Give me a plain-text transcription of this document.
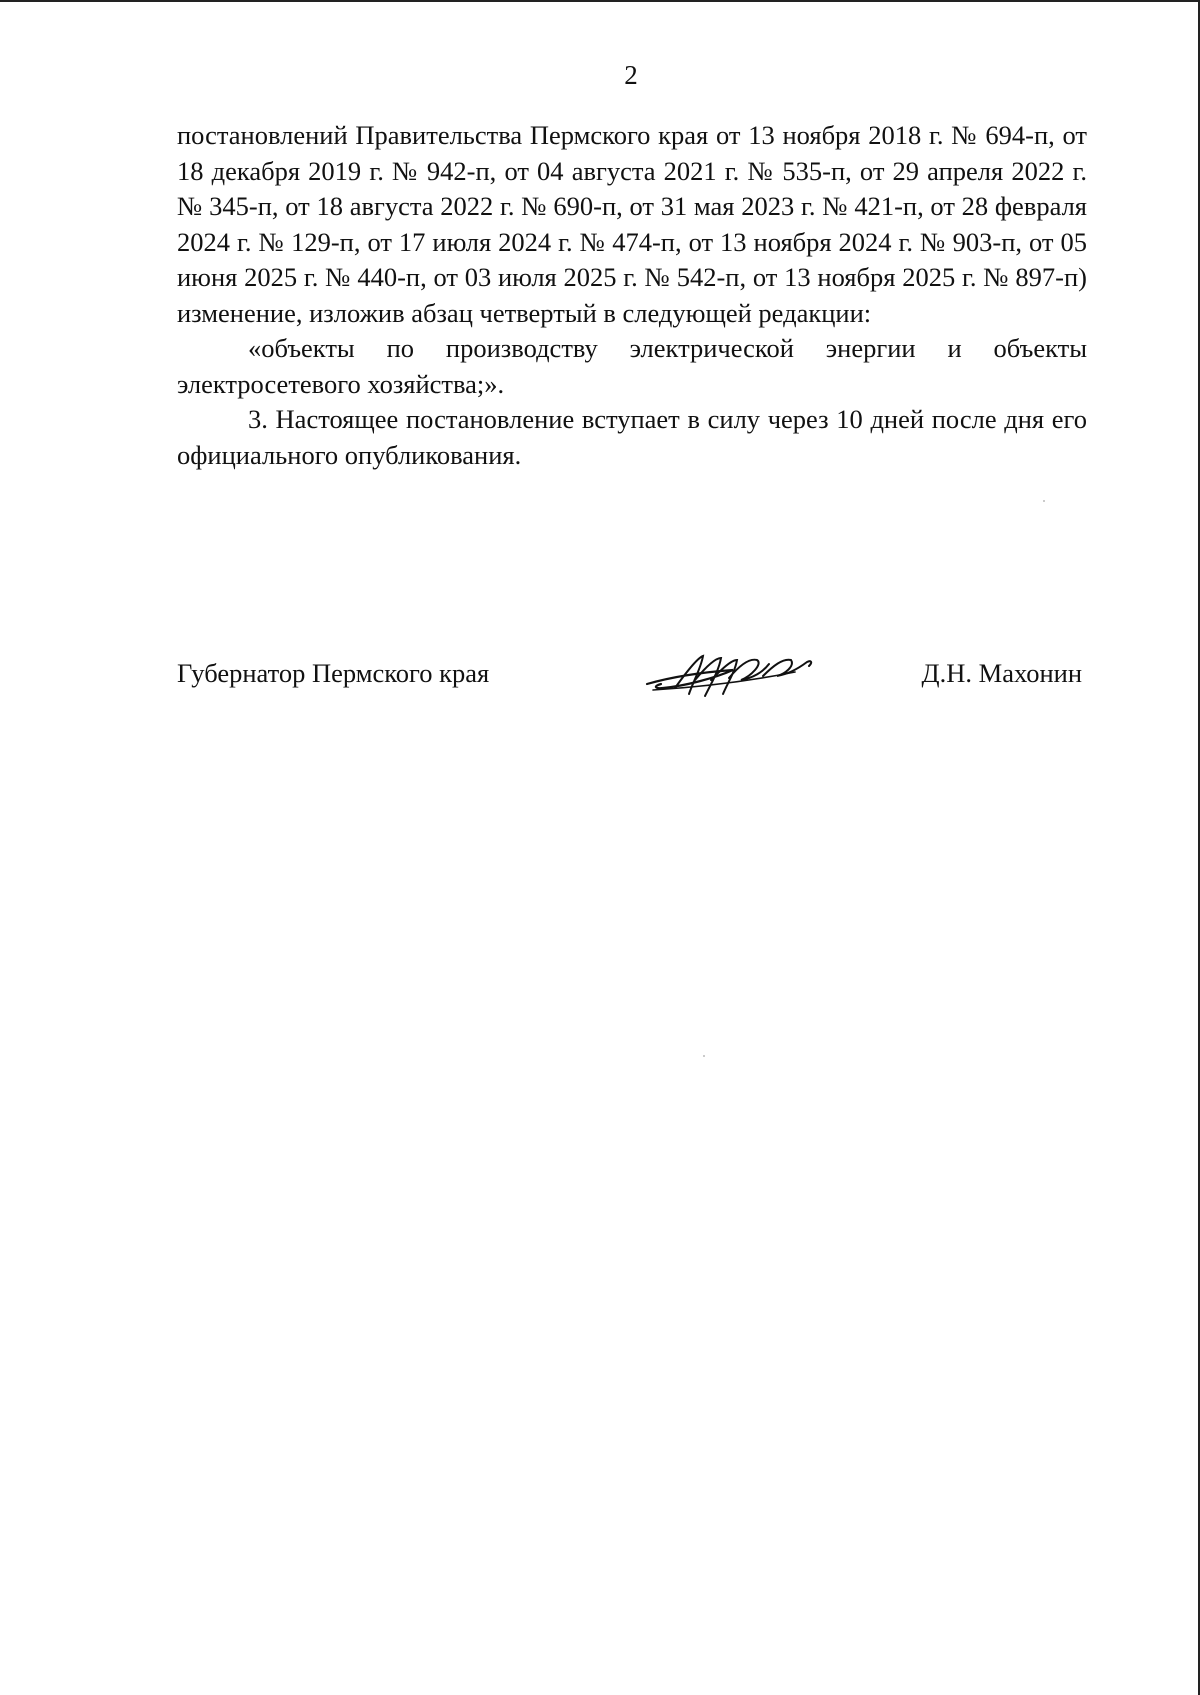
2

постановлений Правительства Пермского края от 13 ноября 2018 г. № 694-п, от 18 декабря 2019 г. № 942-п, от 04 августа 2021 г. № 535-п, от 29 апреля 2022 г. № 345-п, от 18 августа 2022 г. № 690-п, от 31 мая 2023 г. № 421-п, от 28 февраля 2024 г. № 129-п, от 17 июля 2024 г. № 474-п, от 13 ноября 2024 г. № 903-п, от 05 июня 2025 г. № 440-п, от 03 июля 2025 г. № 542-п, от 13 ноября 2025 г. № 897-п) изменение, изложив абзац четвертый в следующей редакции:

«объекты по производству электрической энергии и объекты

электросетевого хозяйства;».

3. Настоящее постановление вступает в силу через 10 дней после дня его официального опубликования.

Губернатор Пермского края	Д.Н. Махонин
